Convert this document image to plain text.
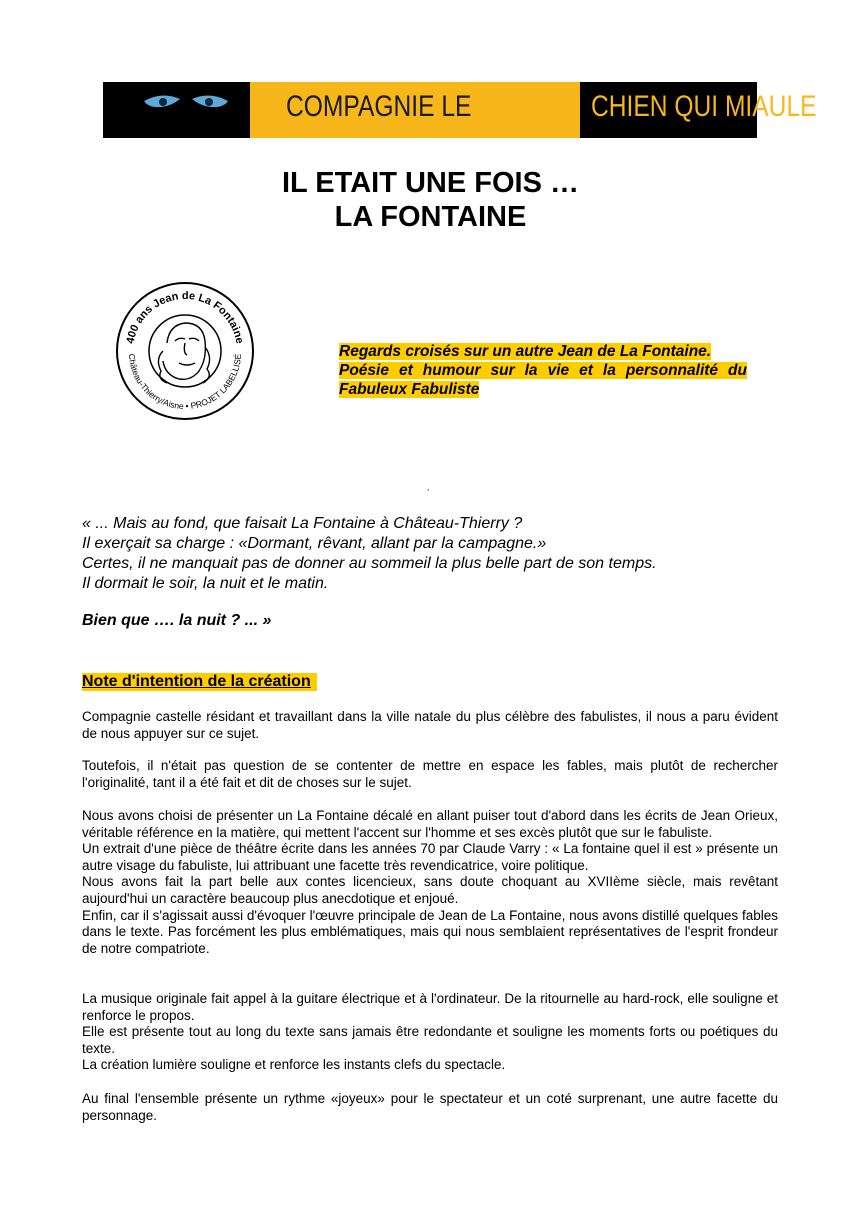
COMPAGNIE LE	CHIEN QUI MIAULE
IL ETAIT UNE FOIS …
LA FONTAINE
400 ans Jean de La Fontaine
Château-Thierry/Aisne • PROJET LABELLISÉ	Regards croisés sur un autre Jean de La Fontaine.
Poésie et humour sur la vie et la personnalité du Fabuleux Fabuliste
,
« ... Mais au fond, que faisait La Fontaine à Château-Thierry ?
Il exerçait sa charge : «Dormant, rêvant, allant par la campagne.»
Certes, il ne manquait pas de donner au sommeil la plus belle part de son temps.
Il dormait le soir, la nuit et le matin.
Bien que …. la nuit ? ... »
Note d'intention de la création

Compagnie castelle résidant et travaillant dans la ville natale du plus célèbre des fabulistes, il nous a paru évident de nous appuyer sur ce sujet.

Toutefois, il n'était pas question de se contenter de mettre en espace les fables, mais plutôt de rechercher l'originalité, tant il a été fait et dit de choses sur le sujet.

Nous avons choisi de présenter un La Fontaine décalé en allant puiser tout d'abord dans les écrits de Jean Orieux, véritable référence en la matière, qui mettent l'accent sur l'homme et ses excès plutôt que sur le fabuliste.

Un extrait d'une pièce de théâtre écrite dans les années 70 par Claude Varry : « La fontaine quel il est » présente un autre visage du fabuliste, lui attribuant une facette très revendicatrice, voire politique.

Nous avons fait la part belle aux contes licencieux, sans doute choquant au XVIIème siècle, mais revêtant aujourd'hui un caractère beaucoup plus anecdotique et enjoué.

Enfin, car il s'agissait aussi d'évoquer l'œuvre principale de Jean de La Fontaine, nous avons distillé quelques fables dans le texte. Pas forcément les plus emblématiques, mais qui nous semblaient représentatives de l'esprit frondeur de notre compatriote.

La musique originale fait appel à la guitare électrique et à l'ordinateur. De la ritournelle au hard-rock, elle souligne et renforce le propos.

Elle est présente tout au long du texte sans jamais être redondante et souligne les moments forts ou poétiques du texte.

La création lumière souligne et renforce les instants clefs du spectacle.

Au final l'ensemble présente un rythme «joyeux» pour le spectateur et un coté surprenant, une autre facette du personnage.
